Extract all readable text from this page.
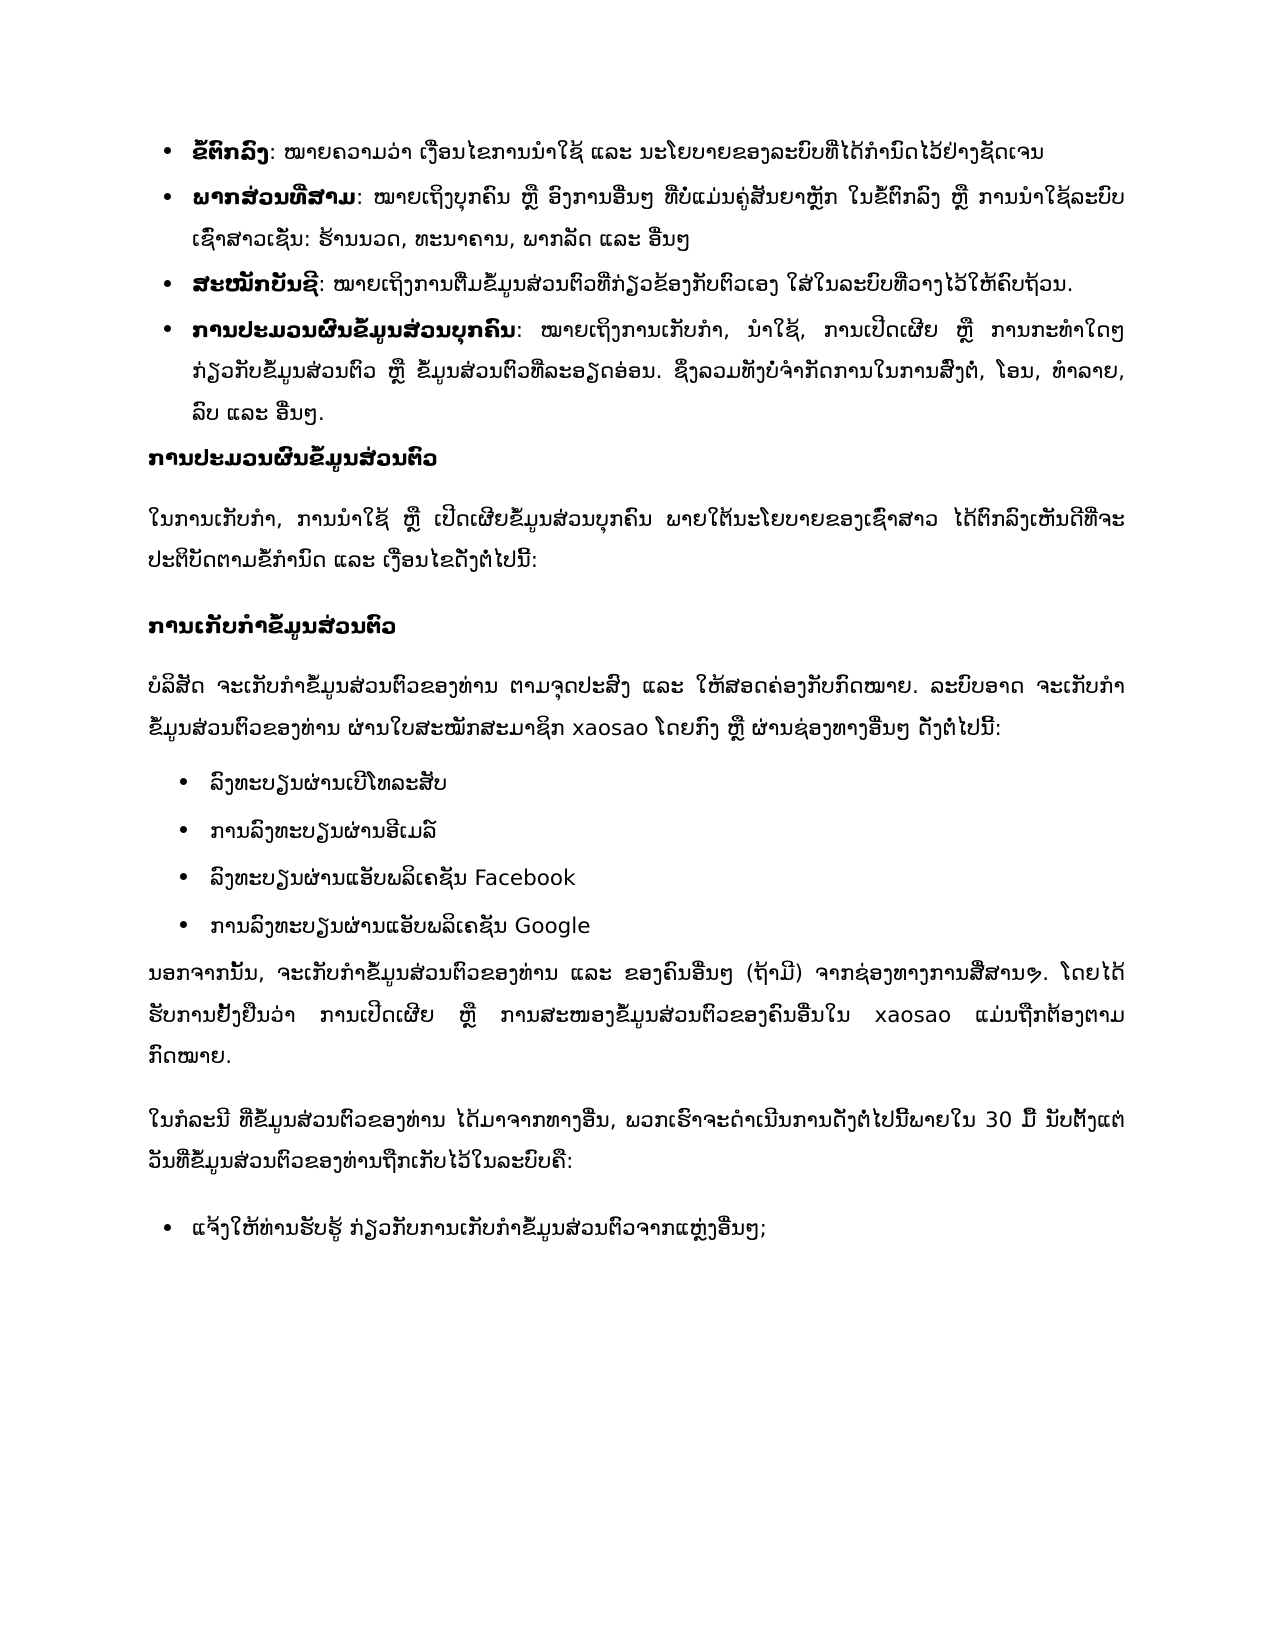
ຂໍ້ຕົກລົງ: ໝາຍຄວາມວ່າ ເງື່ອນໄຂການນຳໃຊ້ ແລະ ນະໂຍບາຍຂອງລະບົບທີ່ໄດ້ກຳນົດໄວ້ຢ່າງຊັດເຈນ
ພາກສ່ວນທີ່ສາມ: ໝາຍເຖິງບຸກຄົນ ຫຼື ອົງການອື່ນໆ ທີ່ບໍ່ແມ່ນຄູ່ສັນຍາຫຼັກ ໃນຂໍ້ຕົກລົງ ຫຼື ການນຳໃຊ້ລະບົບເຊົ່າສາວເຊັ່ນ: ຮ້ານນວດ, ທະນາຄານ, ພາກລັດ ແລະ ອື່ນໆ
ສະໝັກບັນຊີ: ໝາຍເຖິງການຕື່ມຂໍ້ມູນສ່ວນຕົວທີ່ກ່ຽວຂ້ອງກັບຕົວເອງ ໃສ່ໃນລະບົບທີ່ວາງໄວ້ໃຫ້ຄົບຖ້ວນ.
ການປະມວນຜົນຂໍ້ມູນສ່ວນບຸກຄົນ: ໝາຍເຖິງການເກັບກຳ, ນຳໃຊ້, ການເປີດເຜີຍ ຫຼື ການກະທຳໃດໆກ່ຽວກັບຂໍ້ມູນສ່ວນຕົວ ຫຼື ຂໍ້ມູນສ່ວນຕົວທີ່ລະອຽດອ່ອນ. ຊຶ່ງລວມທັງບໍ່ຈຳກັດການໃນການສົ່ງຕໍ່, ໂອນ, ທຳລາຍ, ລົບ ແລະ ອື່ນໆ.
ການປະມວນຜົນຂໍ້ມູນສ່ວນຕົວ

ໃນການເກັບກຳ, ການນຳໃຊ້ ຫຼື ເປີດເຜີຍຂໍ້ມູນສ່ວນບຸກຄົນ ພາຍໃຕ້ນະໂຍບາຍຂອງເຊົ່າສາວ ໄດ້ຕົກລົງເຫັນດີທີ່ຈະປະຕິບັດຕາມຂໍ້ກຳນົດ ແລະ ເງື່ອນໄຂດັ່ງຕໍ່ໄປນີ້:

ການເກັບກຳຂໍ້ມູນສ່ວນຕົວ

ບໍລິສັດ ຈະເກັບກຳຂໍ້ມູນສ່ວນຕົວຂອງທ່ານ ຕາມຈຸດປະສົງ ແລະ ໃຫ້ສອດຄ່ອງກັບກົດໝາຍ. ລະບົບອາດ ຈະເກັບກຳຂໍ້ມູນສ່ວນຕົວຂອງທ່ານ ຜ່ານໃບສະໝັກສະມາຊິກ xaosao ໂດຍກົງ ຫຼື ຜ່ານຊ່ອງທາງອື່ນໆ ດັ່ງຕໍ່ໄປນີ້:

ລົງທະບຽນຜ່ານເບີໂທລະສັບ
ການລົງທະບຽນຜ່ານອີເມລ໌
ລົງທະບຽນຜ່ານແອັບພລິເຄຊັນ Facebook
ການລົງທະບຽນຜ່ານແອັບພລິເຄຊັນ Google

ນອກຈາກນັ້ນ, ຈະເກັບກຳຂໍ້ມູນສ່ວນຕົວຂອງທ່ານ ແລະ ຂອງຄົນອື່ນໆ (ຖ້າມີ) ຈາກຊ່ອງທາງການສື່ສານຯ. ໂດຍໄດ້ຮັບການຢັ້ງຢືນວ່າ ການເປີດເຜີຍ ຫຼື ການສະໜອງຂໍ້ມູນສ່ວນຕົວຂອງຄົນອື່ນໃນ xaosao ແມ່ນຖືກຕ້ອງຕາມກົດໝາຍ.

ໃນກໍລະນີ ທີ່ຂໍ້ມູນສ່ວນຕົວຂອງທ່ານ ໄດ້ມາຈາກທາງອື່ນ, ພວກເຮົາຈະດຳເນີນການດັ່ງຕໍ່ໄປນີ້ພາຍໃນ 30 ມື້ ນັບຕັ້ງແຕ່ວັນທີ່ຂໍ້ມູນສ່ວນຕົວຂອງທ່ານຖືກເກັບໄວ້ໃນລະບົບຄື:

ແຈ້ງໃຫ້ທ່ານຮັບຮູ້ ກ່ຽວກັບການເກັບກຳຂໍ້ມູນສ່ວນຕົວຈາກແຫຼ່ງອື່ນໆ;
